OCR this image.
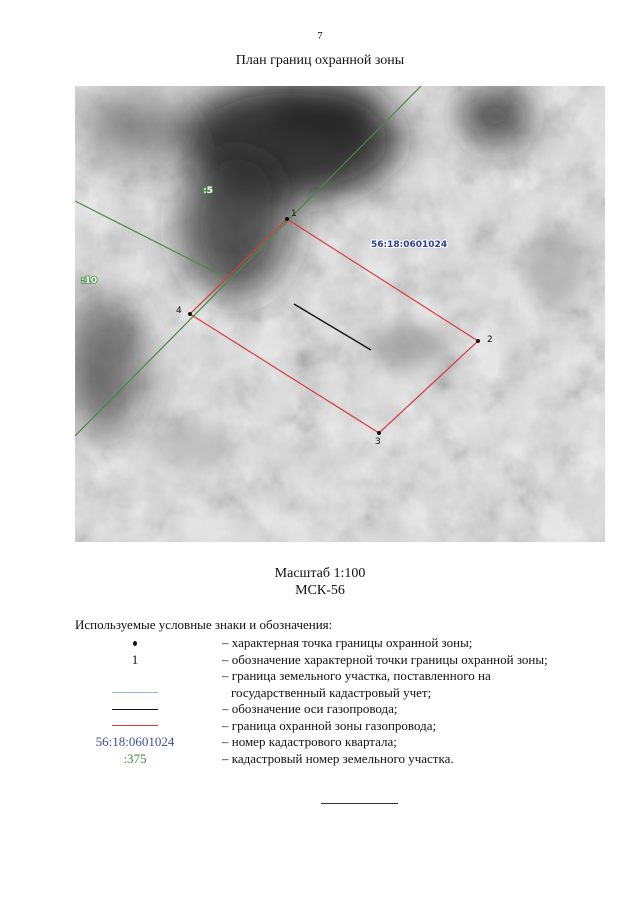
7
План границ охранной зоны
1
2
3
4
56:18:0601024
:5
:10
Масштаб 1:100
МСК-56
Используемые условные знаки и обозначения:
– характерная точка границы охранной зоны;
1	– обозначение характерной точки границы охранной зоны;
– граница земельного участка, поставленного на
государственный кадастровый учет;
– обозначение оси газопровода;
– граница охранной зоны газопровода;
56:18:0601024	– номер кадастрового квартала;
:375	– кадастровый номер земельного участка.
